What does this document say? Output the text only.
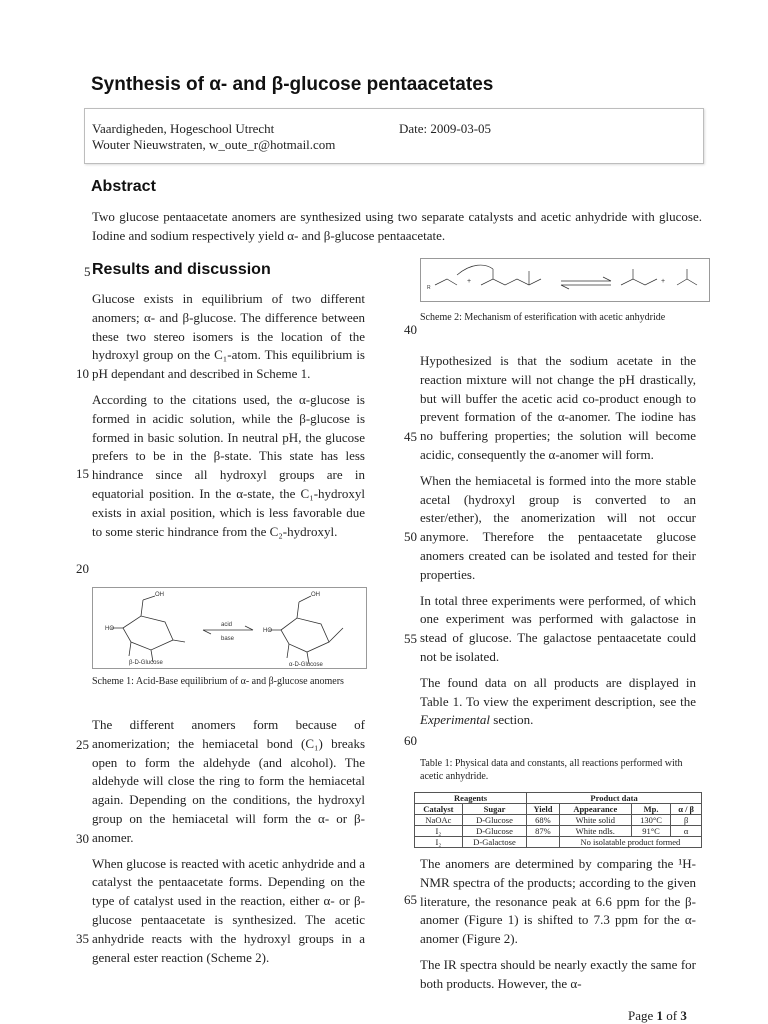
Synthesis of α- and β-glucose pentaacetates
Vaardigheden, Hogeschool Utrecht
Wouter Nieuwstraten, w_oute_r@hotmail.com
Date: 2009-03-05
Abstract
Two glucose pentaacetate anomers are synthesized using two separate catalysts and acetic anhydride with glucose. Iodine and sodium respectively yield α- and β-glucose pentaacetate.
5 Results and discussion

Glucose exists in equilibrium of two different anomers; α- and β-glucose. The difference between these two stereo isomers is the location of the hydroxyl group on the C₁-atom. This equilibrium is pH dependant and described in Scheme 1.

According to the citations used, the α-glucose is formed in acidic solution, while the β-glucose is formed in basic solution. In neutral pH, the glucose prefers to be in the β-state. This state has less hindrance since all hydroxyl groups are in equatorial position. In the α-state, the C₁-hydroxyl exists in axial position, which is less favorable due to some steric hindrance from the C₂-hydroxyl.

HO
OH
HO
OH
β-D-Glucose	α-D-Glucose
acid
base
Scheme 1: Acid-Base equilibrium of α- and β-glucose anomers

The different anomers form because of anomerization; the hemiacetal bond (C₁) breaks open to form the aldehyde (and alcohol). The aldehyde will close the ring to form the hemiacetal again. Depending on the conditions, the hydroxyl group on the hemiacetal will form the α- or β-anomer.

When glucose is reacted with acetic anhydride and a catalyst the pentaacetate forms. Depending on the type of catalyst used in the reaction, either α- or β-glucose pentaacetate is synthesized. The acetic anhydride reacts with the hydroxyl groups in a general ester reaction (Scheme 2).

10
15
20
25
30
35
R
+	+
Scheme 2: Mechanism of esterification with acetic anhydride

Hypothesized is that the sodium acetate in the reaction mixture will not change the pH drastically, but will buffer the acetic acid co-product enough to prevent formation of the α-anomer. The iodine has no buffering properties; the solution will become acidic, consequently the α-anomer will form.

When the hemiacetal is formed into the more stable acetal (hydroxyl group is converted to an ester/ether), the anomerization will not occur anymore. Therefore the pentaacetate glucose anomers created can be isolated and tested for their properties.

In total three experiments were performed, of which one experiment was performed with galactose in stead of glucose. The galactose pentaacetate could not be isolated.

The found data on all products are displayed in Table 1. To view the experiment description, see the Experimental section.

Table 1: Physical data and constants, all reactions performed with acetic anhydride.
Reagents		Product data			
Catalyst	Sugar	Yield	Appearance	Mp.	α / β
NaOAc	D-Glucose	68%	White solid	130°C	β
I₂	D-Glucose	87%	White ndls.	91°C	α
I₂	D-Galactose		No isolatable product formed		

The anomers are determined by comparing the ¹H-NMR spectra of the products; according to the given literature, the resonance peak at 6.6 ppm for the β-anomer (Figure 1) is shifted to 7.3 ppm for the α-anomer (Figure 2).

The IR spectra should be nearly exactly the same for both products. However, the α-

40
45
50
55
60
65
Page 1 of 3
